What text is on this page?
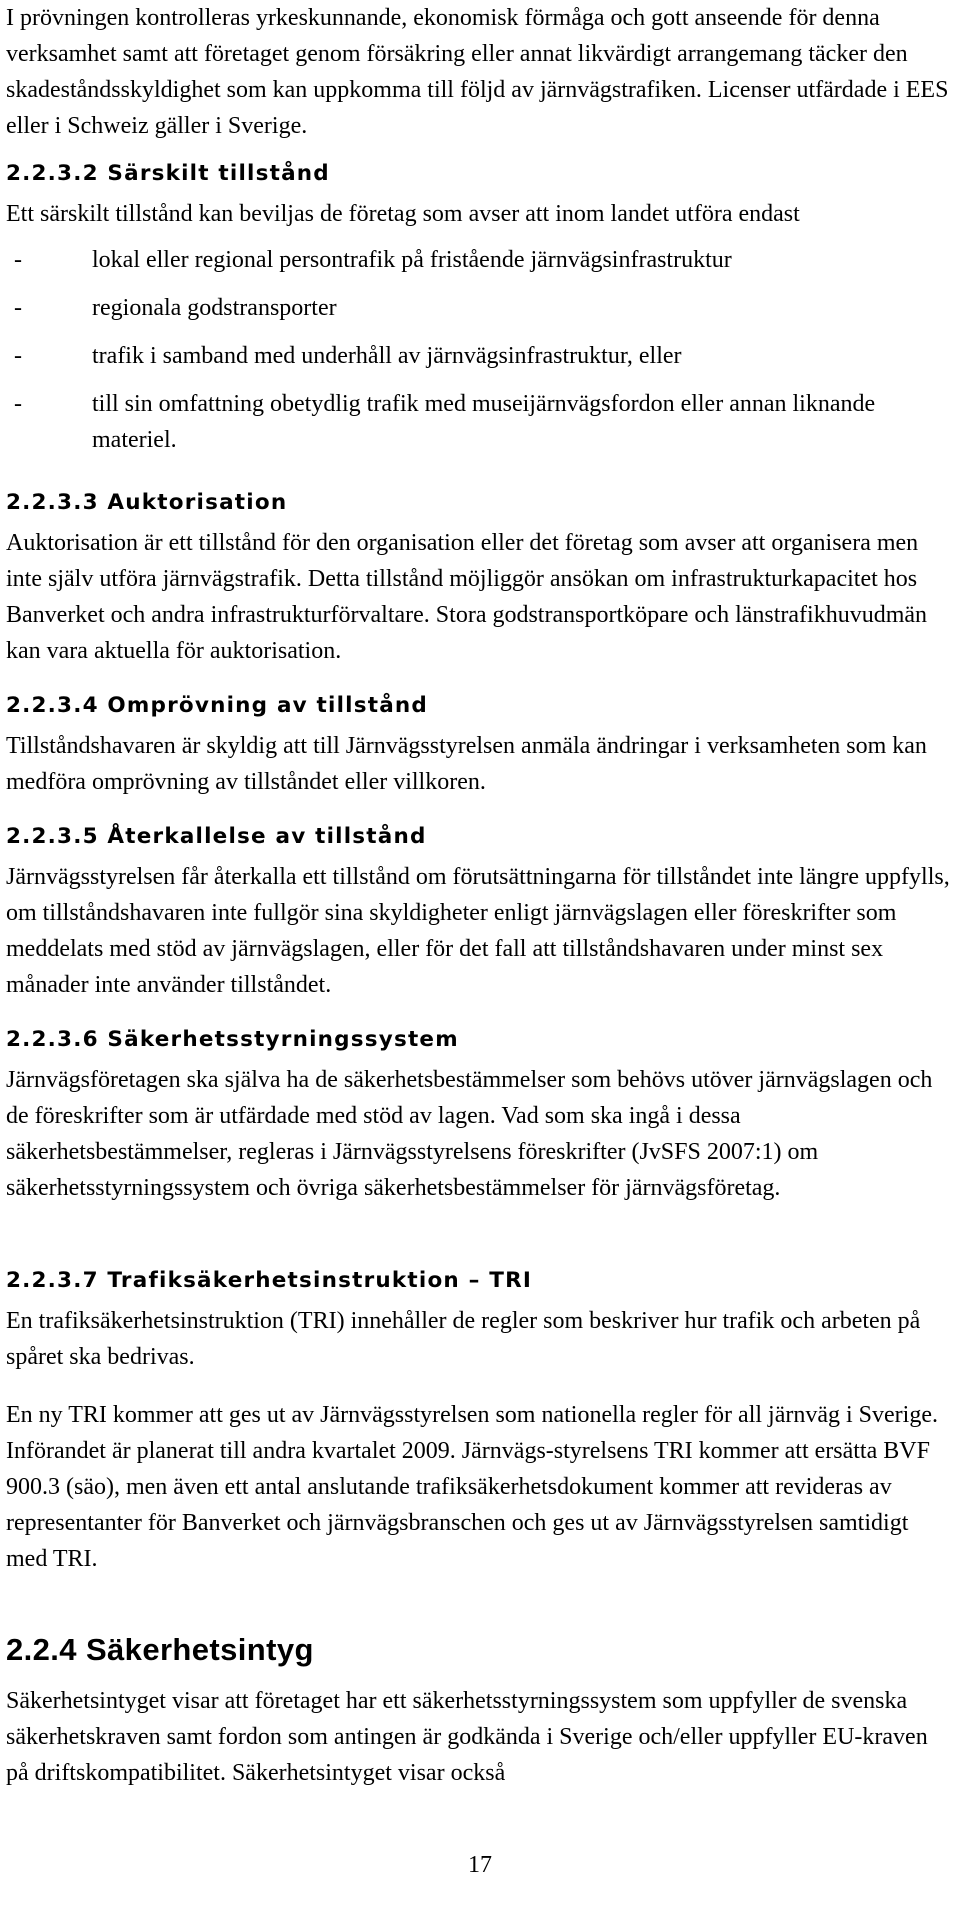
I prövningen kontrolleras yrkeskunnande, ekonomisk förmåga och gott anseende för denna verksamhet samt att företaget genom försäkring eller annat likvärdigt arrangemang täcker den skadeståndsskyldighet som kan uppkomma till följd av järnvägstrafiken. Licenser utfärdade i EES eller i Schweiz gäller i Sverige.

2.2.3.2 Särskilt tillstånd

Ett särskilt tillstånd kan beviljas de företag som avser att inom landet utföra endast

-	lokal eller regional persontrafik på fristående järnvägsinfrastruktur
-	regionala godstransporter
-	trafik i samband med underhåll av järnvägsinfrastruktur, eller
-	till sin omfattning obetydlig trafik med museijärnvägsfordon eller annan liknande materiel.
2.2.3.3 Auktorisation

Auktorisation är ett tillstånd för den organisation eller det företag som avser att organisera men inte själv utföra järnvägstrafik. Detta tillstånd möjliggör ansökan om infrastrukturkapacitet hos Banverket och andra infrastrukturförvaltare. Stora godstransportköpare och länstrafikhuvudmän kan vara aktuella för auktorisation.

2.2.3.4 Omprövning av tillstånd

Tillståndshavaren är skyldig att till Järnvägsstyrelsen anmäla ändringar i verksamheten som kan medföra omprövning av tillståndet eller villkoren.

2.2.3.5 Återkallelse av tillstånd

Järnvägsstyrelsen får återkalla ett tillstånd om förutsättningarna för tillståndet inte längre uppfylls, om tillståndshavaren inte fullgör sina skyldigheter enligt järnvägslagen eller föreskrifter som meddelats med stöd av järnvägslagen, eller för det fall att tillståndshavaren under minst sex månader inte använder tillståndet.

2.2.3.6 Säkerhetsstyrningssystem

Järnvägsföretagen ska själva ha de säkerhetsbestämmelser som behövs utöver järnvägslagen och de föreskrifter som är utfärdade med stöd av lagen. Vad som ska ingå i dessa säkerhetsbestämmelser, regleras i Järnvägsstyrelsens föreskrifter (JvSFS 2007:1) om säkerhetsstyrningssystem och övriga säkerhetsbestämmelser för järnvägsföretag.

2.2.3.7 Trafiksäkerhetsinstruktion – TRI

En trafiksäkerhetsinstruktion (TRI) innehåller de regler som beskriver hur trafik och arbeten på spåret ska bedrivas.

En ny TRI kommer att ges ut av Järnvägsstyrelsen som nationella regler för all järnväg i Sverige. Införandet är planerat till andra kvartalet 2009. Järnvägs-styrelsens TRI kommer att ersätta BVF 900.3 (säo), men även ett antal anslutande trafiksäkerhetsdokument kommer att revideras av representanter för Banverket och järnvägsbranschen och ges ut av Järnvägsstyrelsen samtidigt med TRI.

2.2.4 Säkerhetsintyg

Säkerhetsintyget visar att företaget har ett säkerhetsstyrningssystem som uppfyller de svenska säkerhetskraven samt fordon som antingen är godkända i Sverige och/eller uppfyller EU-kraven på driftskompatibilitet. Säkerhetsintyget visar också

17
